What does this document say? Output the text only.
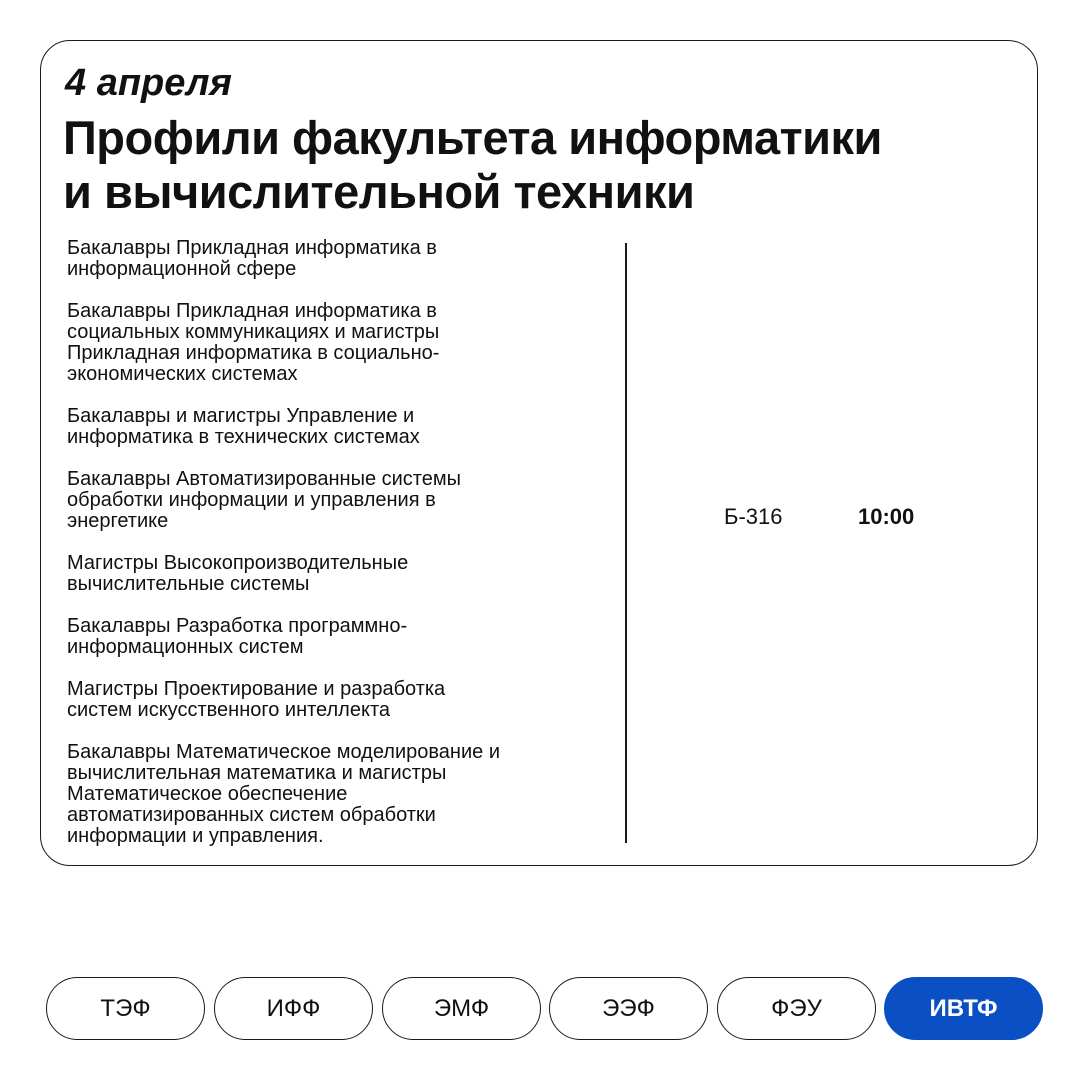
4 апреля

Профили факультета информатики
и вычислительной техники
Бакалавры Прикладная информатика в
информационной сфере
Бакалавры Прикладная информатика в
социальных коммуникациях и магистры
Прикладная информатика в социально-
экономических системах
Бакалавры и магистры Управление и
информатика в технических системах
Бакалавры Автоматизированные системы
обработки информации и управления в
энергетике
Магистры Высокопроизводительные
вычислительные системы
Бакалавры Разработка программно-
информационных систем
Магистры Проектирование и разработка
систем искусственного интеллекта
Бакалавры Математическое моделирование и
вычислительная математика и магистры
Математическое обеспечение
автоматизированных систем обработки
информации и управления.
Б-316	10:00
ТЭФ	ИФФ	ЭМФ	ЭЭФ	ФЭУ	ИВТФ
